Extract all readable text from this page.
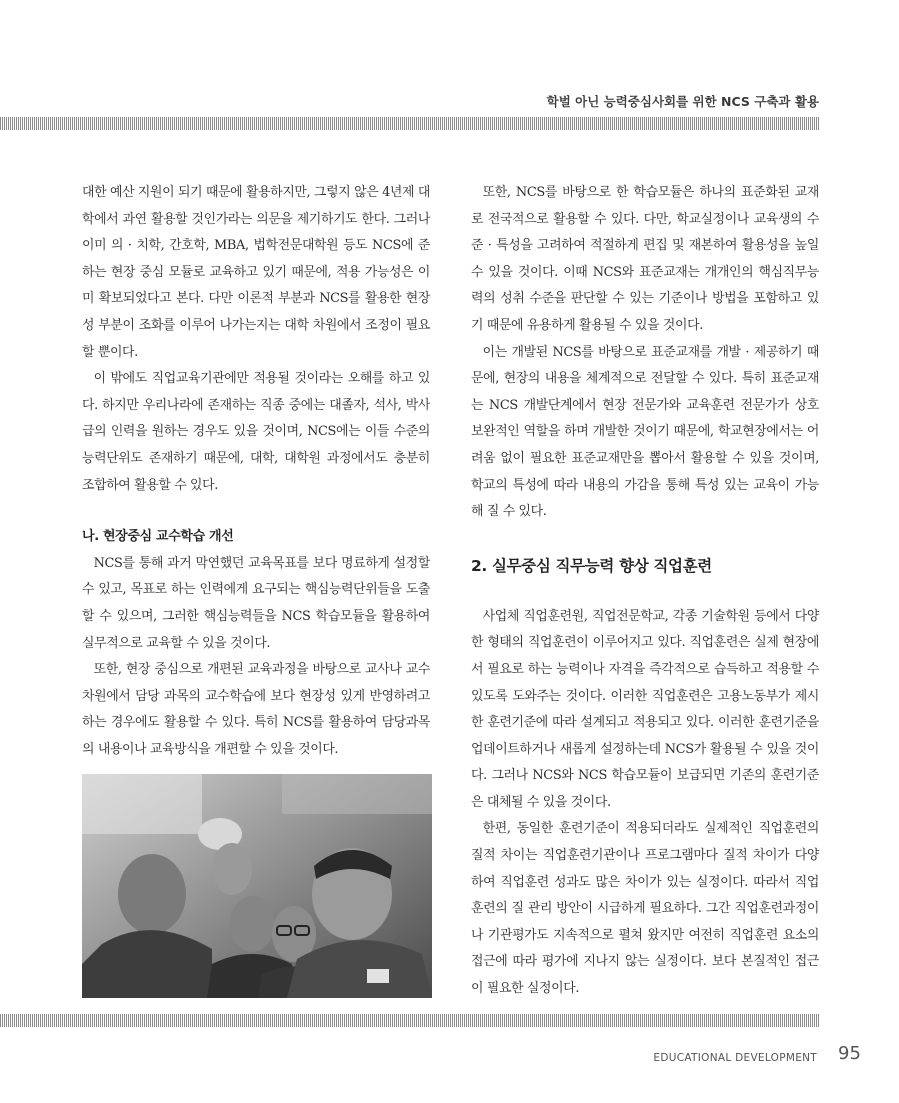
학벌 아닌 능력중심사회를 위한 NCS 구축과 활용

대한 예산 지원이 되기 때문에 활용하지만, 그렇지 않은 4년제 대학에서 과연 활용할 것인가라는 의문을 제기하기도 한다. 그러나 이미 의 · 치학, 간호학, MBA, 법학전문대학원 등도 NCS에 준하는 현장 중심 모듈로 교육하고 있기 때문에, 적용 가능성은 이미 확보되었다고 본다. 다만 이론적 부분과 NCS를 활용한 현장성 부분이 조화를 이루어 나가는지는 대학 차원에서 조정이 필요할 뿐이다.

이 밖에도 직업교육기관에만 적용될 것이라는 오해를 하고 있다. 하지만 우리나라에 존재하는 직종 중에는 대졸자, 석사, 박사급의 인력을 원하는 경우도 있을 것이며, NCS에는 이들 수준의 능력단위도 존재하기 때문에, 대학, 대학원 과정에서도 충분히 조합하여 활용할 수 있다.

나. 현장중심 교수학습 개선

NCS를 통해 과거 막연했던 교육목표를 보다 명료하게 설정할 수 있고, 목표로 하는 인력에게 요구되는 핵심능력단위들을 도출할 수 있으며, 그러한 핵심능력들을 NCS 학습모듈을 활용하여 실무적으로 교육할 수 있을 것이다.

또한, 현장 중심으로 개편된 교육과정을 바탕으로 교사나 교수 차원에서 담당 과목의 교수학습에 보다 현장성 있게 반영하려고 하는 경우에도 활용할 수 있다. 특히 NCS를 활용하여 담당과목의 내용이나 교육방식을 개편할 수 있을 것이다.

또한, NCS를 바탕으로 한 학습모듈은 하나의 표준화된 교재로 전국적으로 활용할 수 있다. 다만, 학교실정이나 교육생의 수준 · 특성을 고려하여 적절하게 편집 및 재본하여 활용성을 높일 수 있을 것이다. 이때 NCS와 표준교재는 개개인의 핵심직무능력의 성취 수준을 판단할 수 있는 기준이나 방법을 포함하고 있기 때문에 유용하게 활용될 수 있을 것이다.

이는 개발된 NCS를 바탕으로 표준교재를 개발 · 제공하기 때문에, 현장의 내용을 체계적으로 전달할 수 있다. 특히 표준교재는 NCS 개발단계에서 현장 전문가와 교육훈련 전문가가 상호 보완적인 역할을 하며 개발한 것이기 때문에, 학교현장에서는 어려움 없이 필요한 표준교재만을 뽑아서 활용할 수 있을 것이며, 학교의 특성에 따라 내용의 가감을 통해 특성 있는 교육이 가능해 질 수 있다.

2. 실무중심 직무능력 향상 직업훈련

사업체 직업훈련원, 직업전문학교, 각종 기술학원 등에서 다양한 형태의 직업훈련이 이루어지고 있다. 직업훈련은 실제 현장에서 필요로 하는 능력이나 자격을 즉각적으로 습득하고 적용할 수 있도록 도와주는 것이다. 이러한 직업훈련은 고용노동부가 제시한 훈련기준에 따라 설계되고 적용되고 있다. 이러한 훈련기준을 업데이트하거나 새롭게 설정하는데 NCS가 활용될 수 있을 것이다. 그러나 NCS와 NCS 학습모듈이 보급되면 기존의 훈련기준은 대체될 수 있을 것이다.

한편, 동일한 훈련기준이 적용되더라도 실제적인 직업훈련의 질적 차이는 직업훈련기관이나 프로그램마다 질적 차이가 다양하여 직업훈련 성과도 많은 차이가 있는 실정이다. 따라서 직업훈련의 질 관리 방안이 시급하게 필요하다. 그간 직업훈련과정이나 기관평가도 지속적으로 펼쳐 왔지만 여전히 직업훈련 요소의 접근에 따라 평가에 지나지 않는 실정이다. 보다 본질적인 접근이 필요한 실정이다.

EDUCATIONAL DEVELOPMENT 95
